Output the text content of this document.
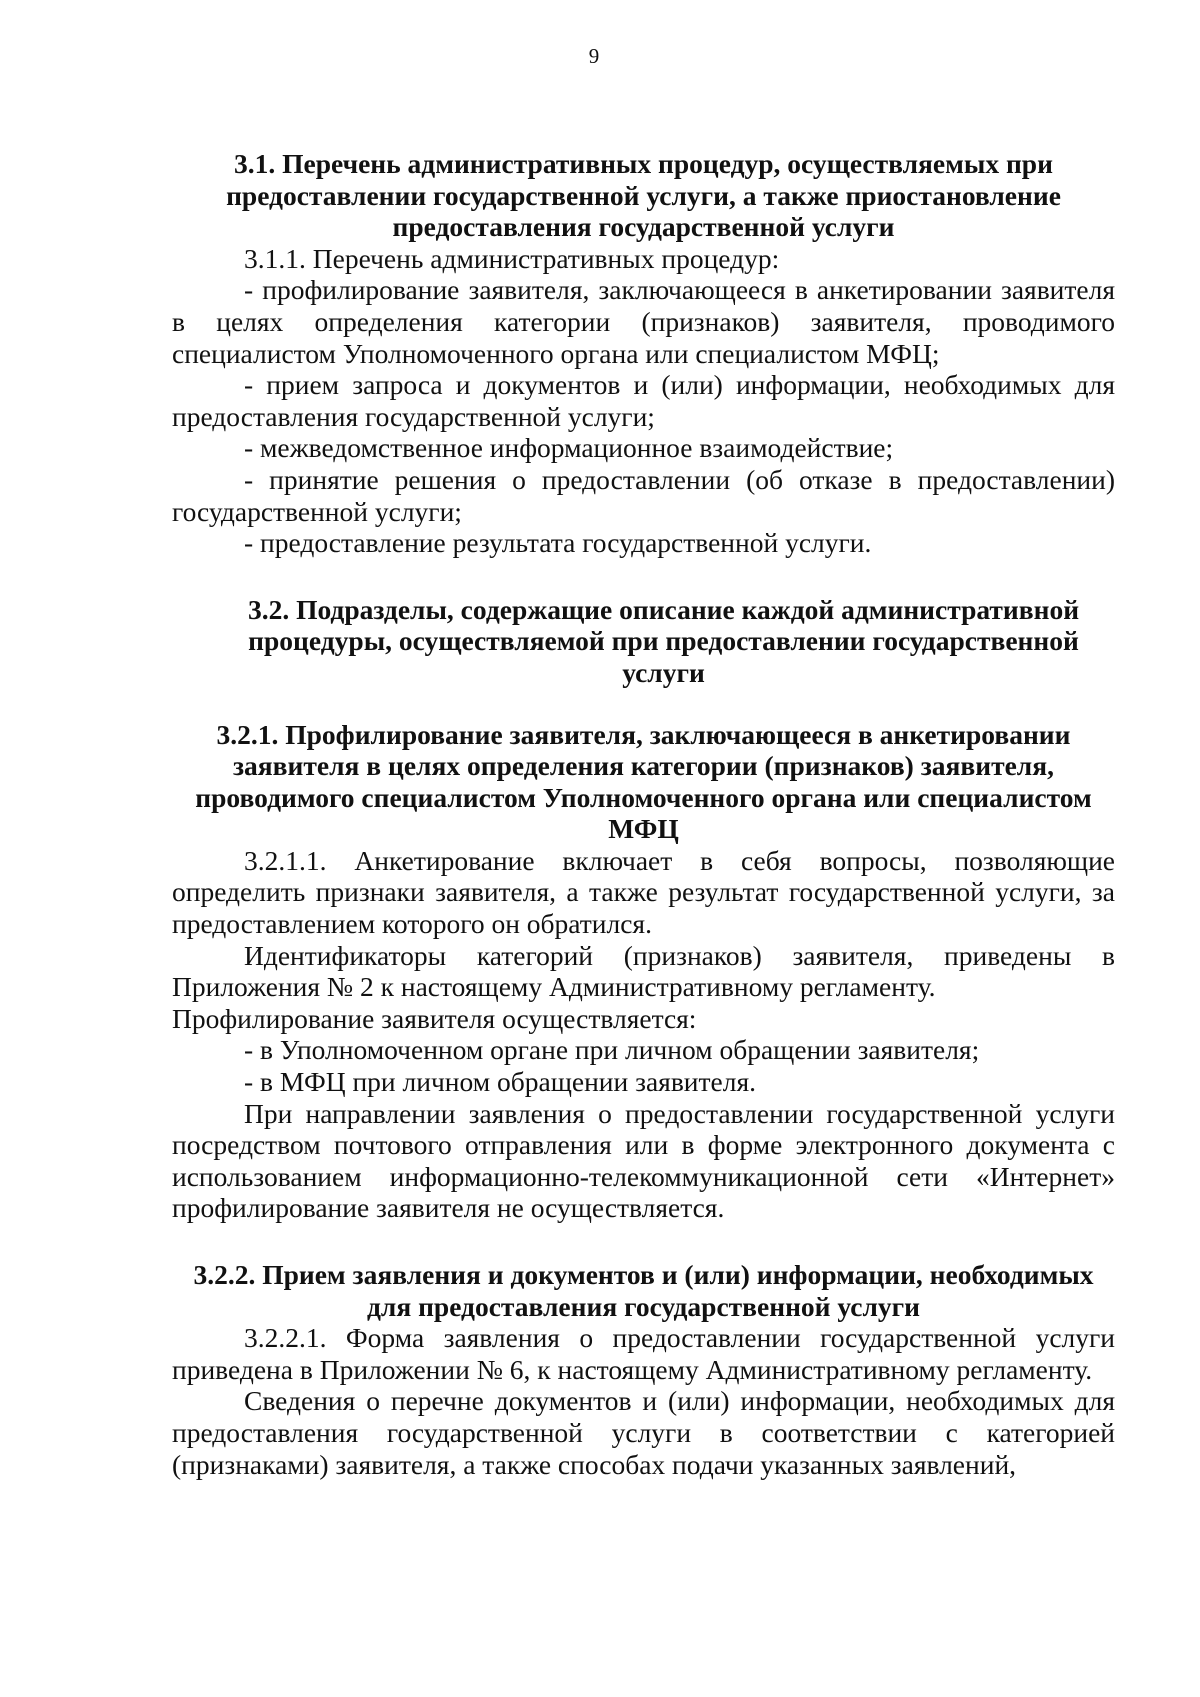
9

3.1. Перечень административных процедур, осуществляемых при предоставлении государственной услуги, а также приостановление предоставления государственной услуги

3.1.1. Перечень административных процедур:

- профилирование заявителя, заключающееся в анкетировании заявителя в целях определения категории (признаков) заявителя, проводимого специалистом Уполномоченного органа или специалистом МФЦ;

- прием запроса и документов и (или) информации, необходимых для предоставления государственной услуги;

- межведомственное информационное взаимодействие;

- принятие решения о предоставлении (об отказе в предоставлении) государственной услуги;

- предоставление результата государственной услуги.

3.2. Подразделы, содержащие описание каждой административной процедуры, осуществляемой при предоставлении государственной услуги

3.2.1. Профилирование заявителя, заключающееся в анкетировании заявителя в целях определения категории (признаков) заявителя, проводимого специалистом Уполномоченного органа или специалистом МФЦ

3.2.1.1. Анкетирование включает в себя вопросы, позволяющие определить признаки заявителя, а также результат государственной услуги, за предоставлением которого он обратился.

Идентификаторы категорий (признаков) заявителя, приведены в Приложения № 2 к настоящему Административному регламенту.

Профилирование заявителя осуществляется:

- в Уполномоченном органе при личном обращении заявителя;

- в МФЦ при личном обращении заявителя.

При направлении заявления о предоставлении государственной услуги посредством почтового отправления или в форме электронного документа с использованием информационно-телекоммуникационной сети «Интернет» профилирование заявителя не осуществляется.

3.2.2. Прием заявления и документов и (или) информации, необходимых для предоставления государственной услуги

3.2.2.1. Форма заявления о предоставлении государственной услуги приведена в Приложении № 6, к настоящему Административному регламенту.

Сведения о перечне документов и (или) информации, необходимых для предоставления государственной услуги в соответствии с категорией (признаками) заявителя, а также способах подачи указанных заявлений,
